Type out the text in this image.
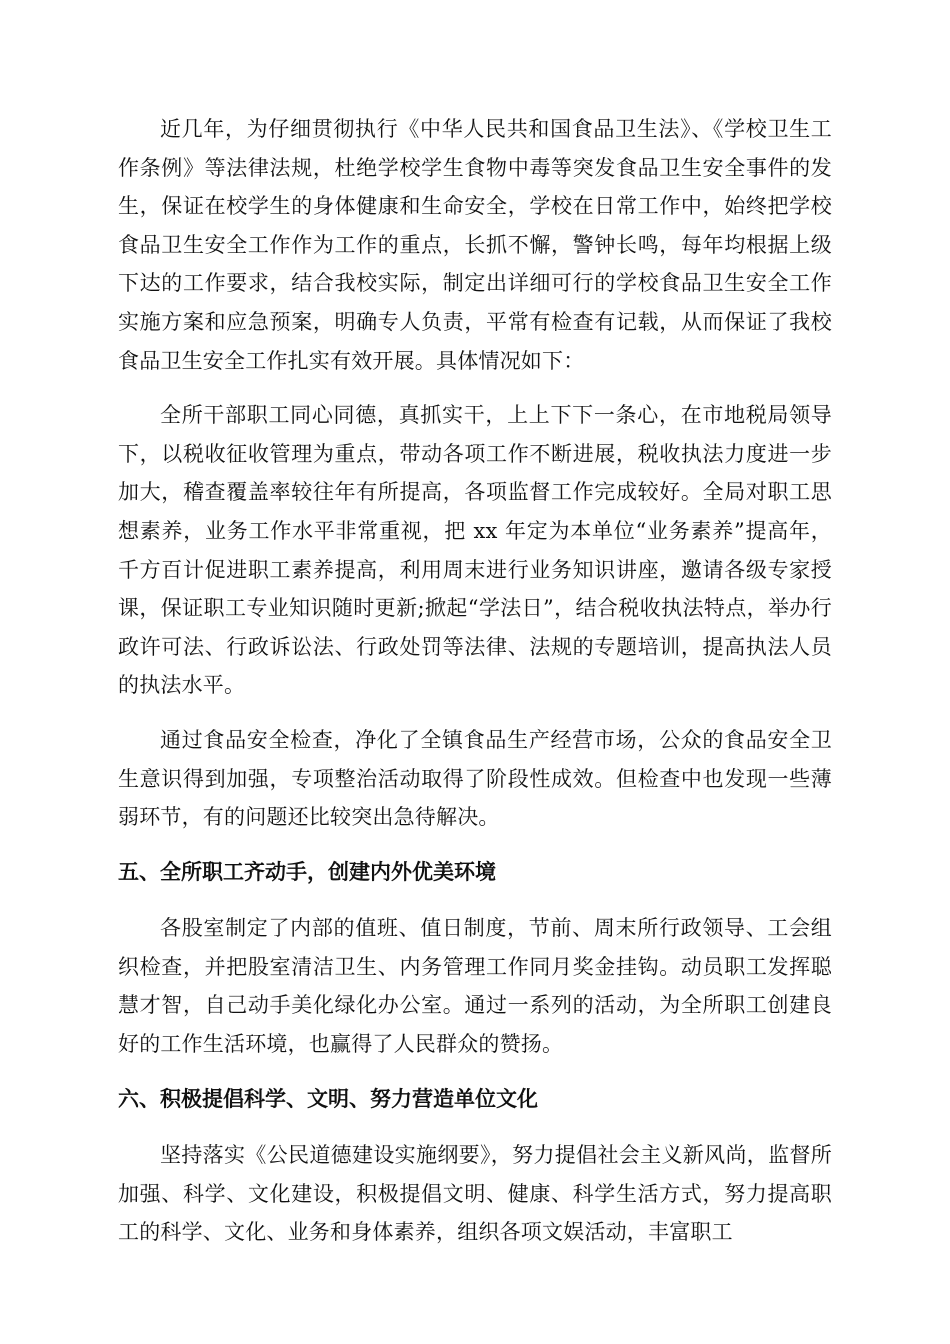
近几年，为仔细贯彻执行《中华人民共和国食品卫生法》、《学校卫生工作条例》等法律法规，杜绝学校学生食物中毒等突发食品卫生安全事件的发生，保证在校学生的身体健康和生命安全，学校在日常工作中，始终把学校食品卫生安全工作作为工作的重点，长抓不懈，警钟长鸣，每年均根据上级下达的工作要求，结合我校实际，制定出详细可行的学校食品卫生安全工作实施方案和应急预案，明确专人负责，平常有检查有记载，从而保证了我校食品卫生安全工作扎实有效开展。具体情况如下：

全所干部职工同心同德，真抓实干，上上下下一条心，在市地税局领导下，以税收征收管理为重点，带动各项工作不断进展，税收执法力度进一步加大，稽查覆盖率较往年有所提高，各项监督工作完成较好。全局对职工思想素养，业务工作水平非常重视，把 xx 年定为本单位“业务素养”提高年，千方百计促进职工素养提高，利用周末进行业务知识讲座，邀请各级专家授课，保证职工专业知识随时更新;掀起“学法日”，结合税收执法特点，举办行政许可法、行政诉讼法、行政处罚等法律、法规的专题培训，提高执法人员的执法水平。

通过食品安全检查，净化了全镇食品生产经营市场，公众的食品安全卫生意识得到加强，专项整治活动取得了阶段性成效。但检查中也发现一些薄弱环节，有的问题还比较突出急待解决。

五、全所职工齐动手，创建内外优美环境

各股室制定了内部的值班、值日制度，节前、周末所行政领导、工会组织检查，并把股室清洁卫生、内务管理工作同月奖金挂钩。动员职工发挥聪慧才智，自己动手美化绿化办公室。通过一系列的活动，为全所职工创建良好的工作生活环境，也赢得了人民群众的赞扬。

六、积极提倡科学、文明、努力营造单位文化

坚持落实《公民道德建设实施纲要》，努力提倡社会主义新风尚，监督所加强、科学、文化建设，积极提倡文明、健康、科学生活方式，努力提高职工的科学、文化、业务和身体素养，组织各项文娱活动，丰富职工
